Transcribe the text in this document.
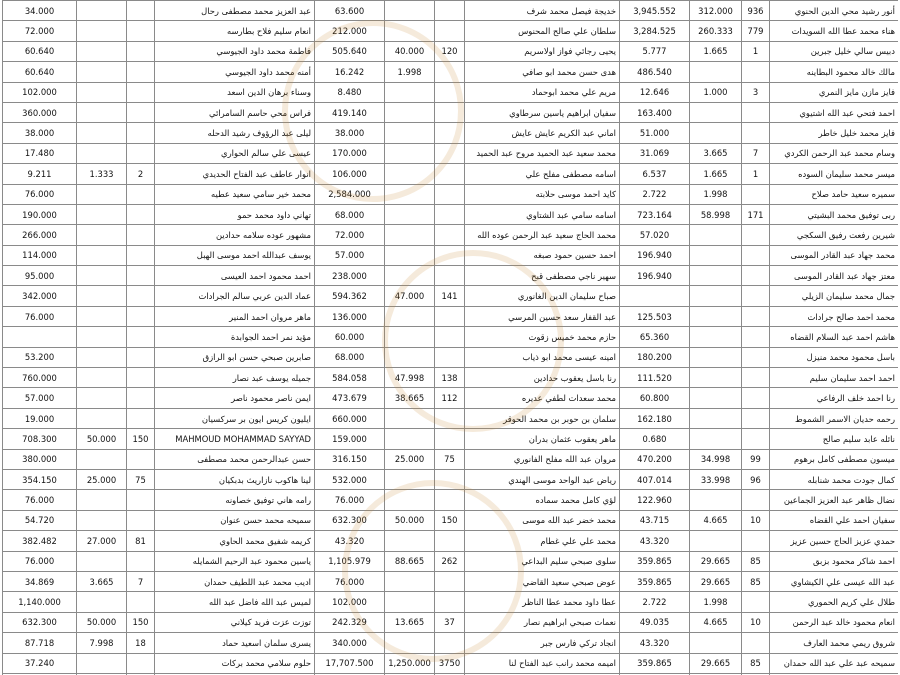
34.000			عبد العزيز محمد مصطفى رحال	63.600			خديجة فيصل محمد شرف	3,945.552	312.000	936	أنور رشيد محي الدين الحنوي
72.000			انعام سليم فلاح بطارسه	212.000			سلطان علي صالح المحنوس	3,284.525	260.333	779	هناء محمد عطا الله السويدات
60.640			فاطمة محمد داود الجيوسي	505.640	40.000	120	يحيى رجائي فواز اولاسريم	5.777	1.665	1	دبيس سالي خليل جبرين
60.640			أمنه محمد داود الجيوسي	16.242	1.998		هدى حسن محمد ابو صافي	486.540			مالك خالد محمود البطاينه
102.000			وسناء برهان الدين اسعد	8.480			مريم علي محمد ابوحماد	12.646	1.000	3	فايز مازن مايز النمري
360.000			فراس محي حاسم السامرائي	419.140			سفيان ابراهيم ياسين سرطاوي	163.400			احمد فتحي عبد الله اشتيوي
38.000			ليلى عبد الرؤوف رشيد الدحله	38.000			اماني عبد الكريم عايش عايش	51.000			فايز محمد خليل خاطر
17.480			عيسى علي سالم الحواري	170.000			محمد سعيد عبد الحميد مروح عبد الحميد	31.069	3.665	7	وسام محمد عبد الرحمن الكردي
9.211	1.333	2	انوار عاطف عبد الفتاح الحديدي	106.000			اسامه مصطفى مفلح علي	6.537	1.665	1	ميسر محمد سليمان السوده
76.000			محمد خير سامي سعيد عطيه	2,584.000			كايد احمد موسى حلابته	2.722	1.998		سميره سعيد حامد صلاح
190.000			تهاني داود محمد حمو	68.000			اسامه سامي عبد الشتاوي	723.164	58.998	171	ربى توفيق محمد البشيتي
266.000			مشهور عوده سلامه حدادين	72.000			محمد الحاج سعيد عبد الرحمن عوده الله	57.020			شيرين رفعت رفيق السكجي
114.000			يوسف عبدالله احمد موسى الهبل	57.000			احمد حسين حمود صبغه	196.940			محمد جهاد عبد القادر الموسى
95.000			احمد محمود احمد العيسى	238.000			سهير ناجي مصطفى قبح	196.940			معتز جهاد عبد القادر الموسى
342.000			عماد الدين عربي سالم الجرادات	594.362	47.000	141	صباح سليمان الدين الغانوري				جمال محمد سليمان الزيلي
76.000			ماهر مروان احمد المنير	136.000			عبد القفار سعد حسين المرسي	125.503			محمد احمد صالح جرادات
			مؤيد نمر احمد الجوابدة	60.000			حازم محمد خميس زقوت	65.360			هاشم احمد عبد السلام القضاه
53.200			صابرين صبحي حسن ابو الرازق	68.000			امينه عيسى محمد ابو ذياب	180.200			باسل محمود محمد منيزل
760.000			جميله يوسف عبد نصار	584.058	47.998	138	رنا باسل يعقوب حدادين	111.520			احمد احمد سليمان سليم
57.000			ايمن ناصر محمود ناصر	473.679	38.665	112	محمد سعدات لطفي عديره	60.800			رنا احمد خلف الرفاعي
19.000			ايليون كريس ايون بر سركسيان	660.000			سلمان بن حوبر بن محمد الحوقر	162.180			رحمه حديان الاسمر الشموط
708.300	50.000	150	MAHMOUD MOHAMMAD SAYYAD	159.000			ماهر يعقوب عثمان بدران	0.680			نائله عابد سليم صالح
380.000			حسن عبدالرحمن محمد مصطفى	316.150	25.000	75	مروان عبد الله مفلح الفانوري	470.200	34.998	99	ميسون مصطفى كامل برهوم
354.150	25.000	75	لينا هاكوب نازاريث بدبكيان	532.000			رياض عبد الواحد موسى الهندي	407.014	33.998	96	كمال جودت محمد شنابله
76.000			رامه هاني توفيق خصاونه	76.000			لؤي كامل محمد سماده	122.960			نضال ظاهر عبد العزيز الجماعين
54.720			سميحه محمد حسن عنوان	632.300	50.000	150	محمد خضر عبد الله موسى	43.715	4.665	10	سفيان احمد علي القضاه
382.482	27.000	81	كريمه شفيق محمد الحاوي	43.320			محمد علي علي غطام	43.320			حمدي عزيز الحاج حسين عزيز
76.000			ياسين محمود عبد الرحيم الشمايله	1,105.979	88.665	262	سلوى صبحي سليم البداعي	359.865	29.665	85	احمد شاكر محمود بزبق
34.869	3.665	7	اديب محمد عبد اللطيف حمدان	76.000			عوض صبحي سعيد القاضي	359.865	29.665	85	عبد الله عيسى علي الكيشاوي
1,140.000			لميس عبد الله فاضل عبد الله	102.000			عطا داود محمد عطا الناظر	2.722	1.998		طلال علي كريم الحموري
632.300	50.000	150	توزت عزت فريد كيلاني	242.329	13.665	37	نعمات صبحي ابراهيم نصار	49.035	4.665	10	انعام محمود خالد عبد الرحمن
87.718	7.998	18	يسرى سلمان اسعيد حماد	340.000			انجاد تركي فارس جبر	43.320			شروق ريمي محمد العارف
37.240			حلوم سلامي محمد بركات	17,707.500	1,250.000	3750	اميمه محمد رانب عبد الفتاح لنا	359.865	29.665	85	سميحه عبد علي عبد الله حمدان
